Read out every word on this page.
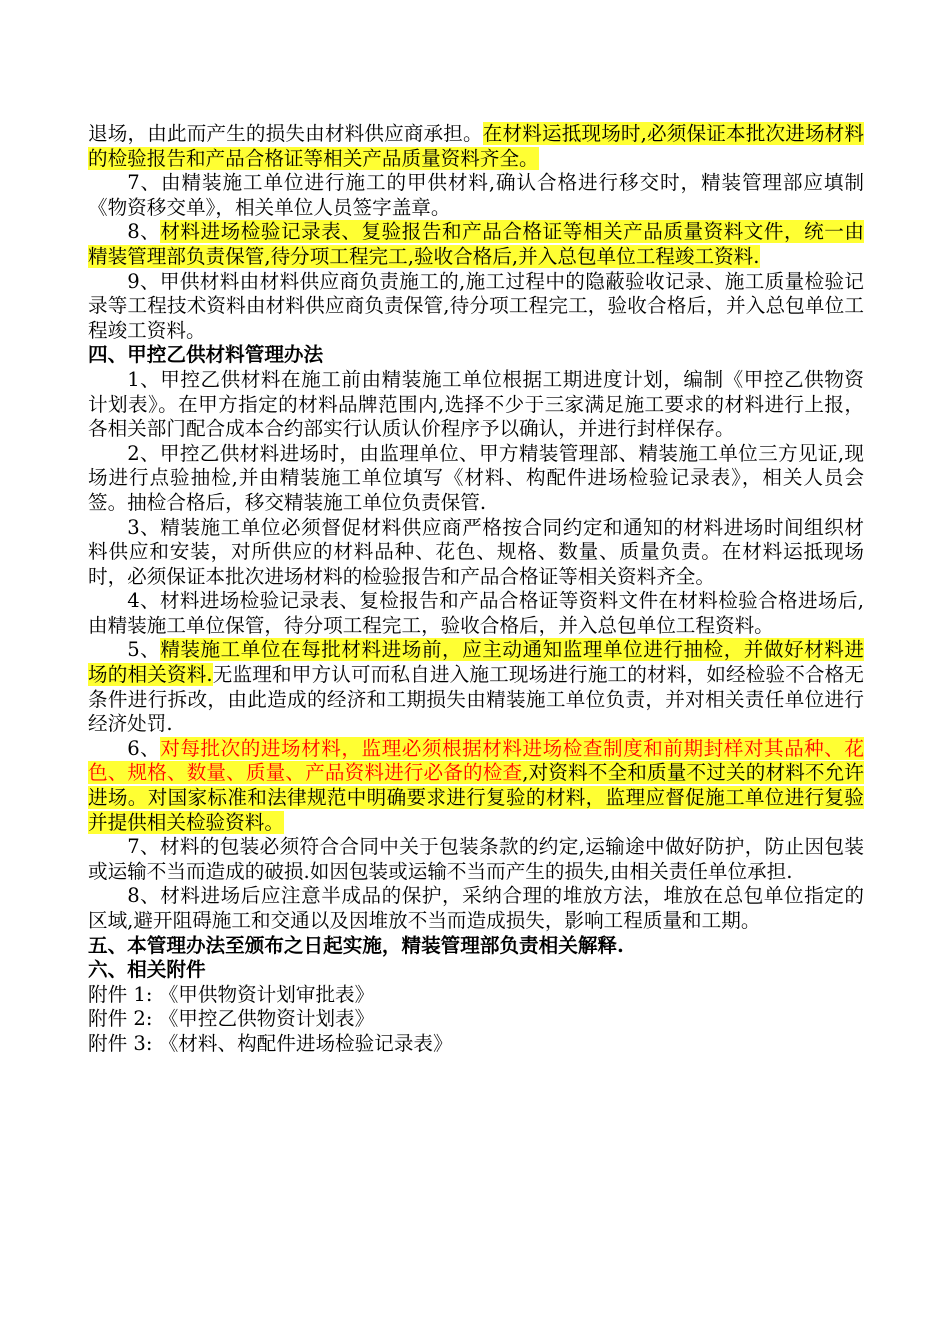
退场，由此而产生的损失由材料供应商承担。在材料运抵现场时,必须保证本批次进场材料的检验报告和产品合格证等相关产品质量资料齐全。

7、由精装施工单位进行施工的甲供材料,确认合格进行移交时，精装管理部应填制《物资移交单》，相关单位人员签字盖章。

8、材料进场检验记录表、复验报告和产品合格证等相关产品质量资料文件，统一由精装管理部负责保管,待分项工程完工,验收合格后,并入总包单位工程竣工资料.

9、甲供材料由材料供应商负责施工的,施工过程中的隐蔽验收记录、施工质量检验记录等工程技术资料由材料供应商负责保管,待分项工程完工，验收合格后，并入总包单位工程竣工资料。

四、甲控乙供材料管理办法

1、甲控乙供材料在施工前由精装施工单位根据工期进度计划，编制《甲控乙供物资计划表》。在甲方指定的材料品牌范围内,选择不少于三家满足施工要求的材料进行上报，各相关部门配合成本合约部实行认质认价程序予以确认，并进行封样保存。

2、甲控乙供材料进场时，由监理单位、甲方精装管理部、精装施工单位三方见证,现场进行点验抽检,并由精装施工单位填写《材料、构配件进场检验记录表》，相关人员会签。抽检合格后，移交精装施工单位负责保管.

3、精装施工单位必须督促材料供应商严格按合同约定和通知的材料进场时间组织材料供应和安装，对所供应的材料品种、花色、规格、数量、质量负责。在材料运抵现场时，必须保证本批次进场材料的检验报告和产品合格证等相关资料齐全。

4、材料进场检验记录表、复检报告和产品合格证等资料文件在材料检验合格进场后,由精装施工单位保管，待分项工程完工，验收合格后，并入总包单位工程资料。

5、精装施工单位在每批材料进场前，应主动通知监理单位进行抽检，并做好材料进场的相关资料.无监理和甲方认可而私自进入施工现场进行施工的材料，如经检验不合格无条件进行拆改，由此造成的经济和工期损失由精装施工单位负责，并对相关责任单位进行经济处罚.

6、对每批次的进场材料，监理必须根据材料进场检查制度和前期封样对其品种、花色、规格、数量、质量、产品资料进行必备的检查,对资料不全和质量不过关的材料不允许进场。对国家标准和法律规范中明确要求进行复验的材料，监理应督促施工单位进行复验并提供相关检验资料。

7、材料的包装必须符合合同中关于包装条款的约定,运输途中做好防护，防止因包装或运输不当而造成的破损.如因包装或运输不当而产生的损失,由相关责任单位承担.

8、材料进场后应注意半成品的保护，采纳合理的堆放方法，堆放在总包单位指定的区域,避开阻碍施工和交通以及因堆放不当而造成损失，影响工程质量和工期。

五、本管理办法至颁布之日起实施，精装管理部负责相关解释.

六、相关附件

附件 1: 《甲供物资计划审批表》

附件 2: 《甲控乙供物资计划表》

附件 3: 《材料、构配件进场检验记录表》
